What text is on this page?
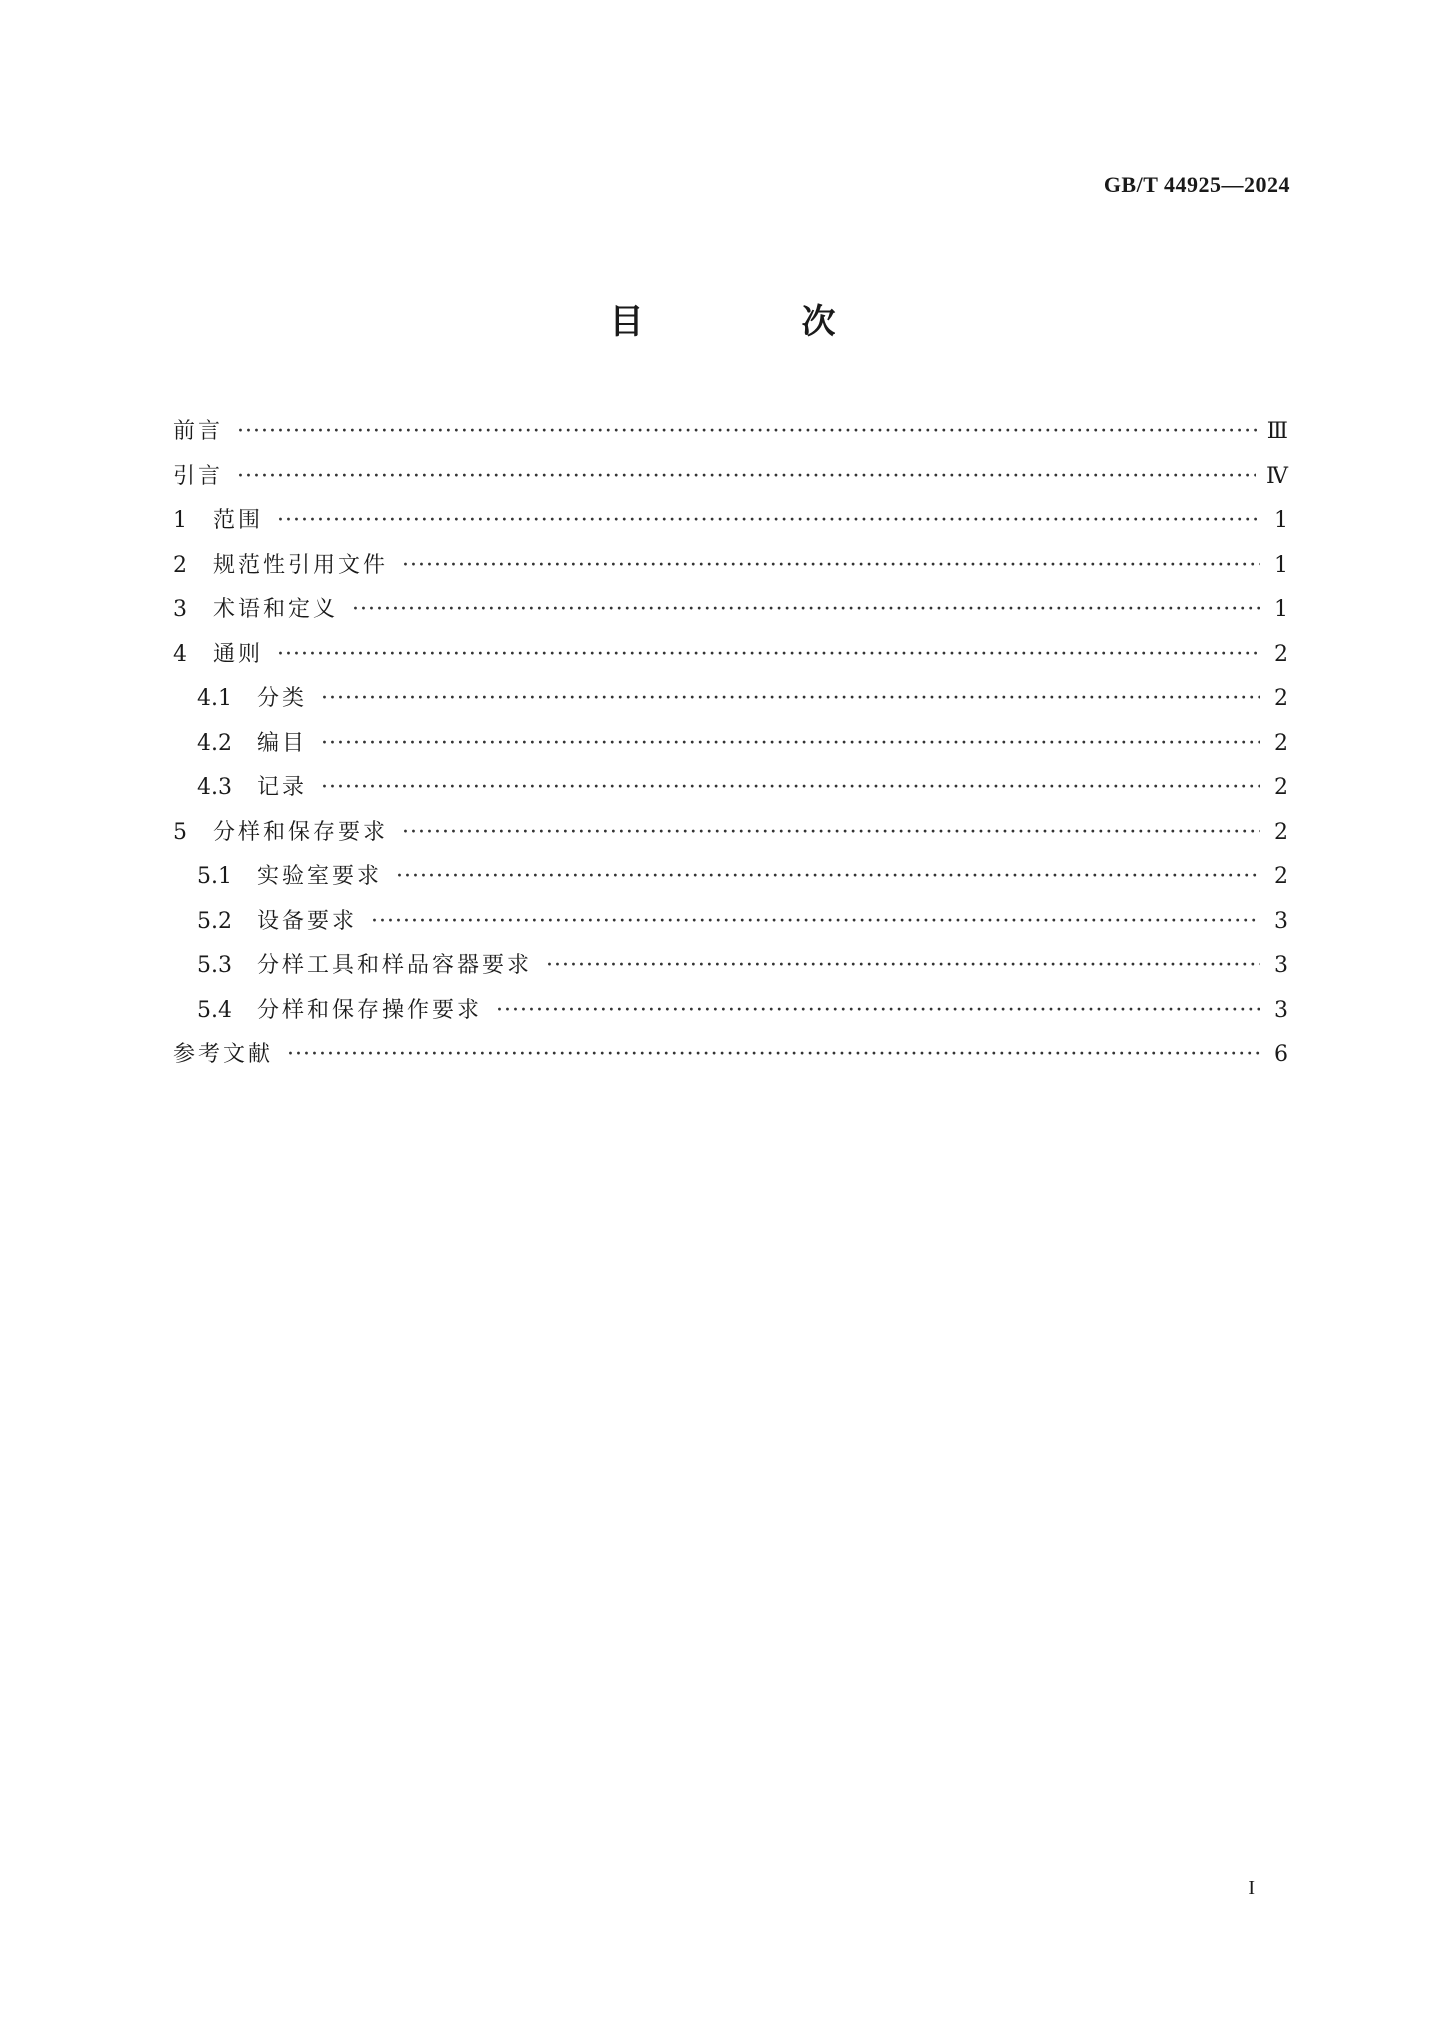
GB/T 44925—2024
目　次
前言 ·····	Ⅲ
引言 ·····	Ⅳ
1	范围 ·····	1
2	规范性引用文件 ·····	1
3	术语和定义 ·····	1
4	通则 ·····	2
4.1	分类 ·····	2
4.2	编目 ·····	2
4.3	记录 ·····	2
5	分样和保存要求 ·····	2
5.1	实验室要求 ·····	2
5.2	设备要求 ·····	3
5.3	分样工具和样品容器要求 ·····	3
5.4	分样和保存操作要求 ·····	3
参考文献 ·····	6
I
